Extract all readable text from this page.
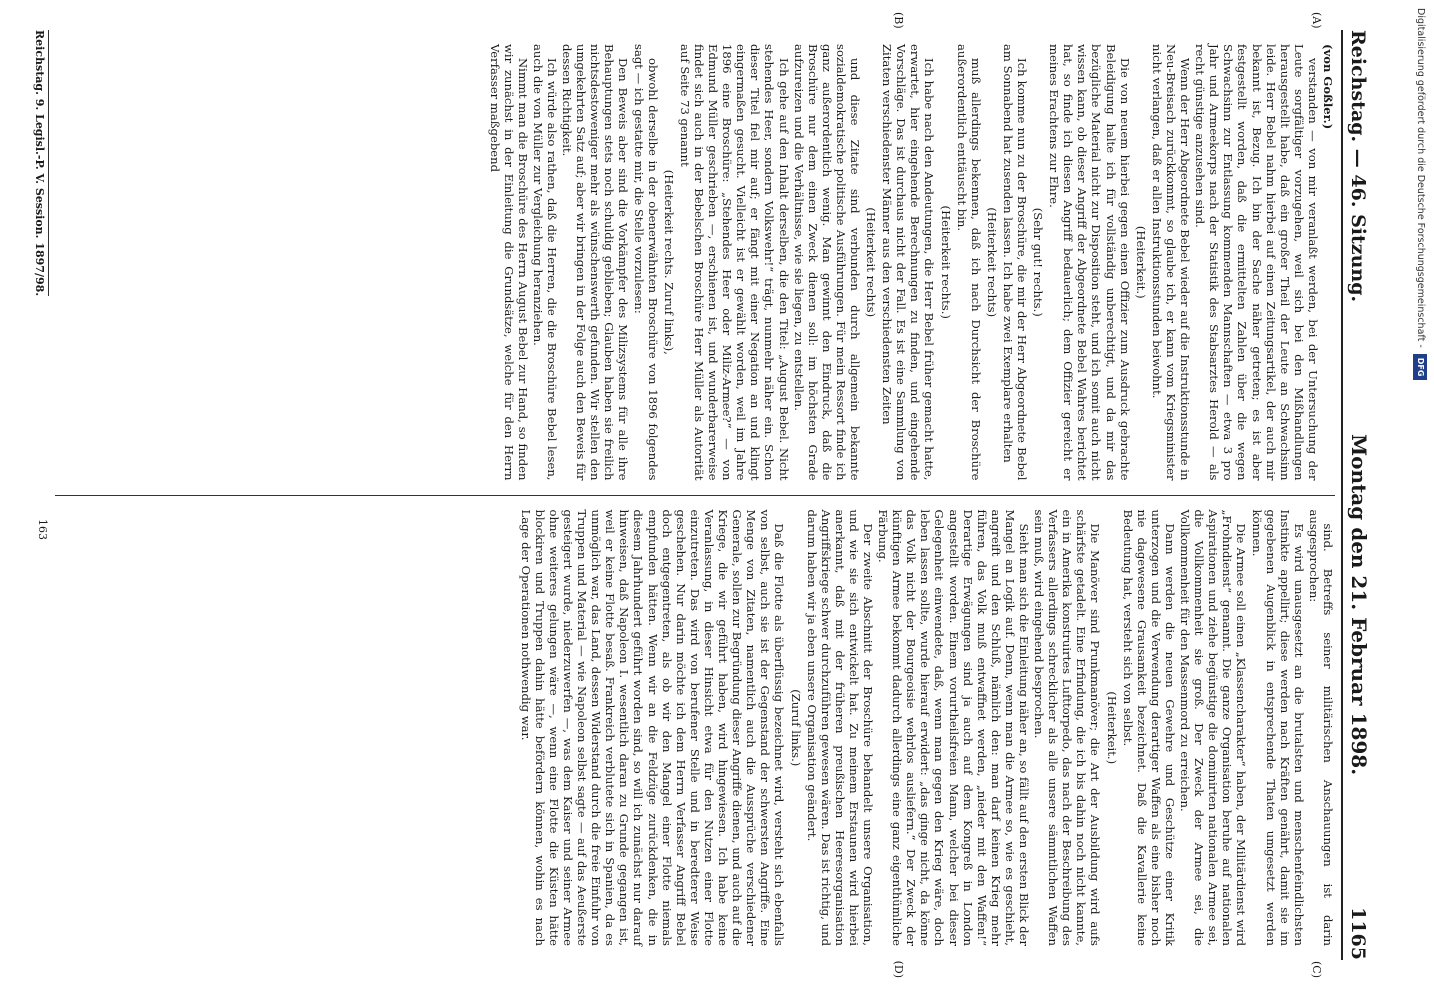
Reichstag. — 46. Sitzung.
Montag den 21. Februar 1898.
1165
(A)
(B)
(C)
(D)

(von Goßler.)

verstanden — von mir veranlaßt werden, bei der Untersuchung der Leute sorgfältiger vorzugehen, weil sich bei den Mißhandlungen herausgestellt habe, daß ein großer Theil der Leute an Schwachsinn leide. Herr Bebel nahm hierbei auf einen Zeitungsartikel, der auch mir bekannt ist, Bezug. Ich bin der Sache näher getreten; es ist aber festgestellt worden, daß die ermittelten Zahlen über die wegen Schwachsinn zur Entlassung kommenden Mannschaften — etwa 3 pro Jahr und Armeekorps nach der Statistik des Stabsarztes Herold — als recht günstige anzusehen sind.

Wenn der Herr Abgeordnete Bebel wieder auf die Instruktionsstunde in Neu-Breisach zurückkommt, so glaube ich, er kann vom Kriegsminister nicht verlangen, daß er allen Instruktionsstunden beiwohnt.

(Heiterkeit.)

Die von neuem hierbei gegen einen Offizier zum Ausdruck gebrachte Beleidigung halte ich für vollständig unberechtigt, und da mir das bezügliche Material nicht zur Disposition steht, und ich somit auch nicht wissen kann, ob dieser Angriff der Abgeordnete Bebel Wahres berichtet hat, so finde ich diesen Angriff bedauerlich; dem Offizier gereicht er meines Erachtens zur Ehre.

(Sehr gut! rechts.)

Ich komme nun zu der Broschüre, die mir der Herr Abgeordnete Bebel am Sonnabend hat zusenden lassen. Ich habe zwei Exemplare erhalten

(Heiterkeit rechts)

muß allerdings bekennen, daß ich nach Durchsicht der Broschüre außerordentlich enttäuscht bin.

(Heiterkeit rechts.)

Ich habe nach den Andeutungen, die Herr Bebel früher gemacht hatte, erwartet, hier eingehende Berechnungen zu finden, und eingehende Vorschläge. Das ist durchaus nicht der Fall. Es ist eine Sammlung von Zitaten verschiedenster Männer aus den verschiedensten Zeiten

(Heiterkeit rechts)

und diese Zitate sind verbunden durch allgemein bekannte sozialdemokratische politische Ausführungen. Für mein Ressort finde ich ganz außerordentlich wenig. Man gewinnt den Eindruck, daß die Broschüre nur dem einen Zweck dienen soll: im höchsten Grade aufzureizen und die Verhältnisse, wie sie liegen, zu entstellen.

Ich gehe auf den Inhalt derselben, die den Titel: „August Bebel. Nicht stehendes Heer, sondern Volkswehr!“ trägt, nunmehr näher ein. Schon dieser Titel fiel mir auf; er fängt mit einer Negation an und klingt eingermaßen gesucht. Vielleicht ist er gewählt worden, weil im Jahre 1896 eine Broschüre: „Stehendes Heer oder Miliz-Armee?“ — von Edmund Müller geschrieben —, erschienen ist, und wunderbarerweise findet sich auch in der Bebelschen Broschüre Herr Müller als Autorität auf Seite 73 genannt

(Heiterkeit rechts. Zuruf links),

obwohl derselbe in der obenerwähnten Broschüre von 1896 folgendes sagt — ich gestatte mir, die Stelle vorzulesen:

Den Beweis aber sind die Vorkämpfer des Milizsystems für alle ihre Behauptungen stets noch schuldig geblieben; Glauben haben sie freilich nichtsdestoweniger mehr als wünschenswerth gefunden. Wir stellen den umgekehrten Satz auf; aber wir bringen in der Folge auch den Beweis für dessen Richtigkeit.

Ich würde also rathen, daß die Herren, die die Broschüre Bebel lesen, auch die von Müller zur Vergleichung heranziehen.

Nimmt man die Broschüre des Herrn August Bebel zur Hand, so finden wir zunächst in der Einleitung die Grundsätze, welche für den Herrn Verfasser maßgebend

sind. Betreffs seiner militärischen Anschauungen ist darin ausgesprochen:

Es wird unausgesetzt an die brutalsten und menschenfeindlichsten Instinkte appellirt; diese werden nach Kräften genährt, damit sie im gegebenen Augenblick in entsprechende Thaten umgesetzt werden können.

Die Armee soll einen „Klassencharakter“ haben, der Militärdienst wird „Frohndienst“ genannt. Die ganze Organisation beruhe auf nationalen Aspirationen und ziehe begünstige die dominirten nationalen Armee sei, die Vollkommenheit sie groß. Der Zweck der Armee sei, die Vollkommenheit für den Massenmord zu erreichen.

Dann werden die neuen Gewehre und Geschütze einer Kritik unterzogen und die Verwendung derartiger Waffen als eine bisher noch nie dagewesene Grausamkeit bezeichnet. Daß die Kavallerie keine Bedeutung hat, versteht sich von selbst.

(Heiterkeit.)

Die Manöver sind Prunkmanöver; die Art der Ausbildung wird aufs schärfste getadelt. Eine Erfindung, die ich bis dahin noch nicht kannte, ein in Amerika konstruirtes Lufttorpedo, das nach der Beschreibung des Verfassers allerdings schrecklicher als alle unsere sämmtlichen Waffen sein muß, wird eingehend besprochen.

Sieht man sich die Einleitung näher an, so fällt auf den ersten Blick der Mangel an Logik auf. Denn, wenn man die Armee so, wie es geschieht, angreift und den Schluß, nämlich den: man darf keinen Krieg mehr führen, das Volk muß entwaffnet werden, „nieder mit den Waffen!“ Derartige Erwägungen sind ja auch auf dem Kongreß in London angestellt worden. Einem vorurtheilsfreien Mann, welcher bei dieser Gelegenheit einwendete, daß, wenn man gegen den Krieg wäre, doch leben lassen sollte, wurde hierauf erwidert: „das ginge nicht, da könne das Volk nicht der Bourgeoisie wehrlos ausliefern.“ Der Zweck der künftigen Armee bekommt dadurch allerdings eine ganz eigenthümliche Färbung.

Der zweite Abschnitt der Broschüre behandelt unsere Organisation, und wie sie sich entwickelt hat. Zu meinem Erstaunen wird hierbei anerkannt, daß mit der früheren preußischen Heeresorganisation Angriffskriege schwer durchzuführen gewesen wären. Das ist richtig, und darum haben wir ja eben unsere Organisation geändert.

(Zuruf links.)

Daß die Flotte als überflüssig bezeichnet wird, versteht sich ebenfalls von selbst, auch sie ist der Gegenstand der schwersten Angriffe. Eine Menge von Zitaten, namentlich auch die Aussprüche verschiedener Generale, sollen zur Begründung dieser Angriffe dienen, und auch auf die Kriege, die wir geführt haben, wird hingewiesen. Ich habe keine Veranlassung, in dieser Hinsicht etwa für den Nutzen einer Flotte einzutreten. Das wird von berufener Stelle und in beredterer Weise geschehen. Nur darin möchte ich dem Herrn Verfasser Angriff Bebel doch entgegentreten, als ob wir den Mangel einer Flotte niemals empfunden hätten. Wenn wir an die Feldzüge zurückdenken, die in diesem Jahrhundert geführt worden sind, so will ich zunächst nur darauf hinweisen, daß Napoleon I. wesentlich daran zu Grunde gegangen ist, weil er keine Flotte besaß. Frankreich verblutete sich in Spanien, da es unmöglich war, das Land, dessen Widerstand durch die freie Einfuhr von Truppen und Material — wie Napoleon selbst sagte — auf das Aeußerste gesteigert wurde, niederzuwerfen —, was dem Kaiser und seiner Armee ohne weiteres gelungen wäre —, wenn eine Flotte die Küsten hätte blockiren und Truppen dahin hätte befördern können, wohin es nach Lage der Operationen nothwendig war.

Reichstag. 9. Legisl.-P. V. Session. 1897/98.
163
Digitalisierung gefördert durch die Deutsche Forschungsgemeinschaft -
DFG
